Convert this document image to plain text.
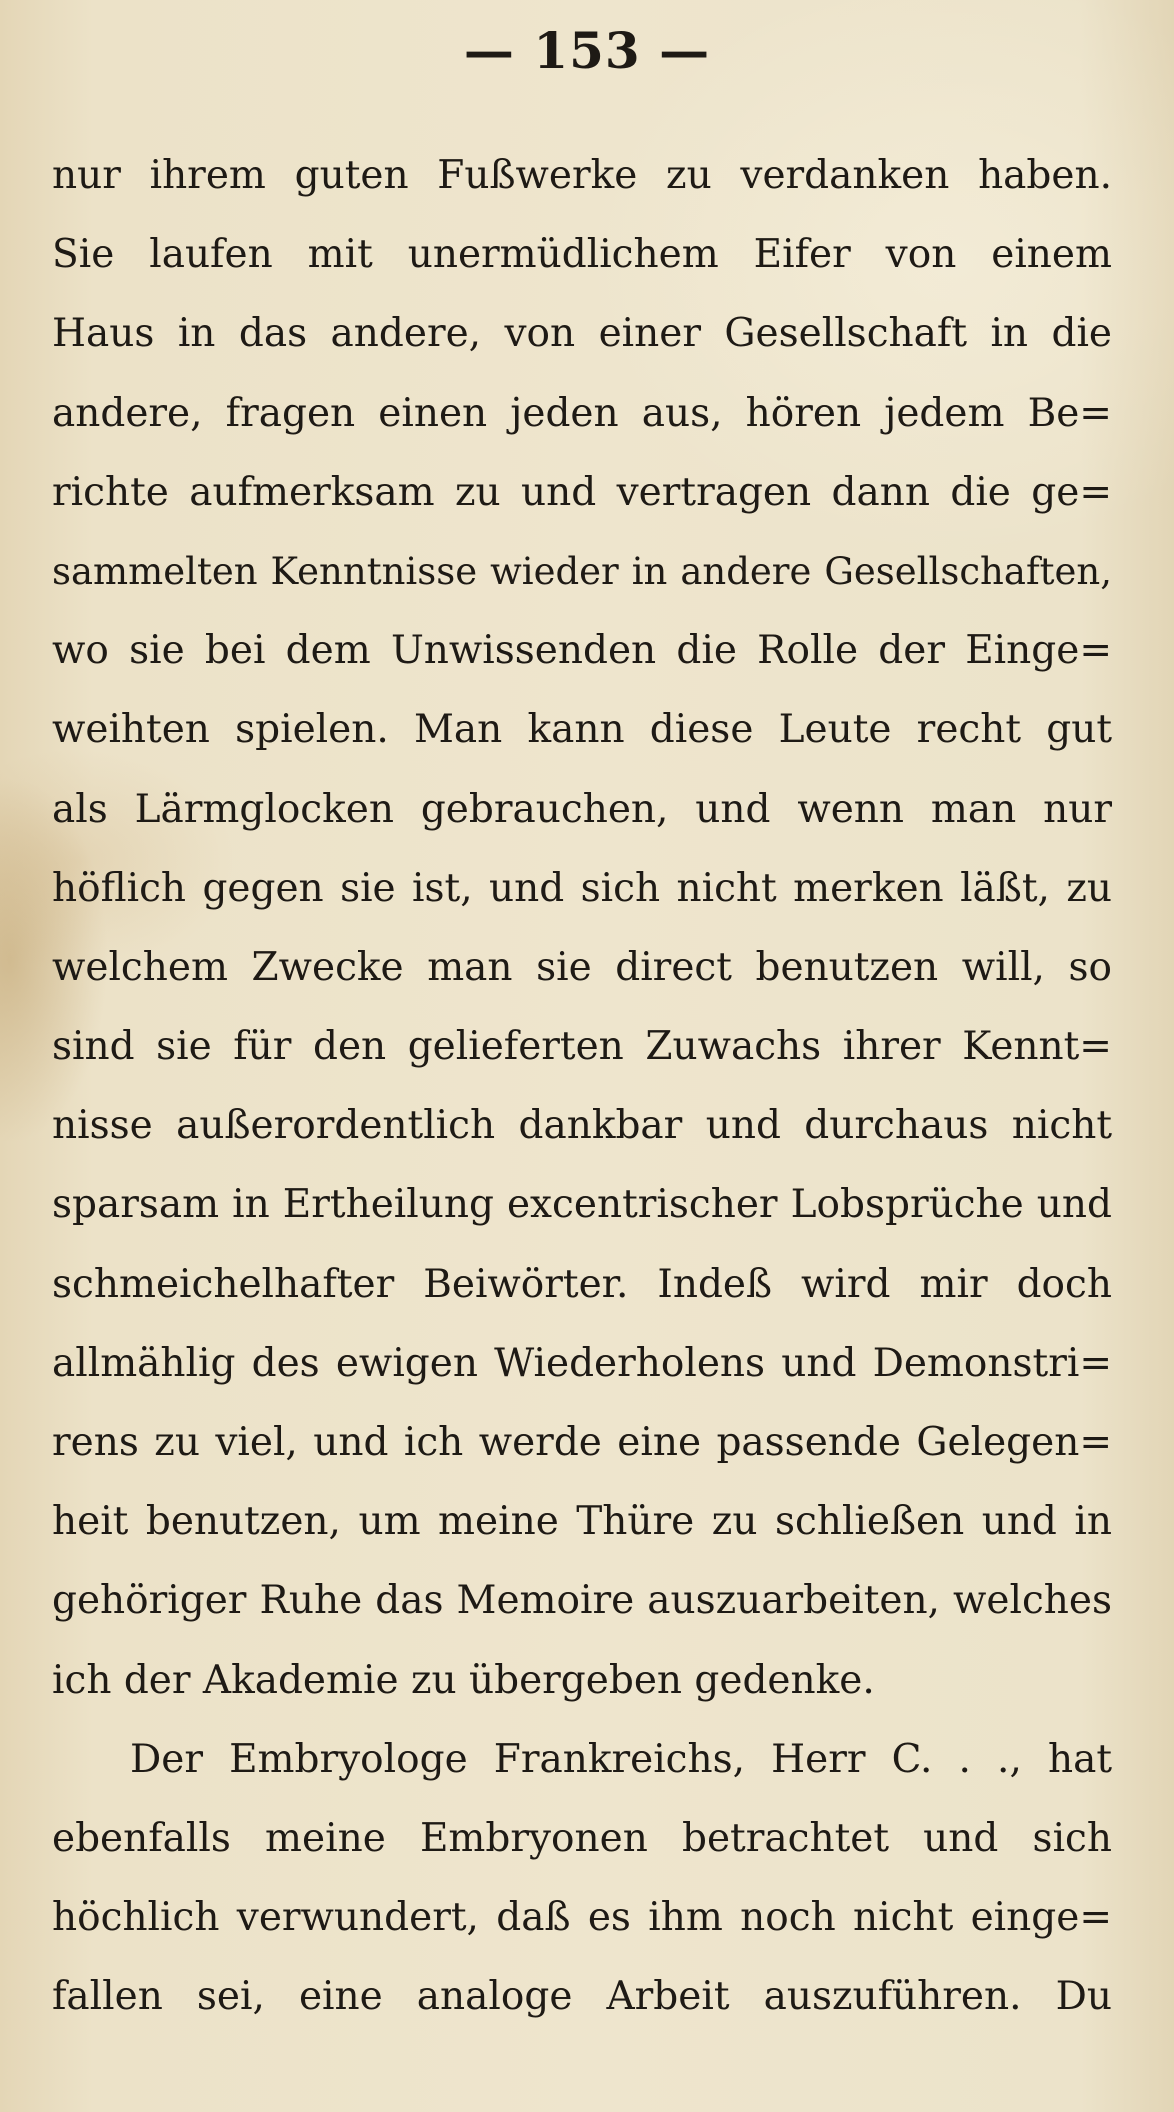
— 153 —
nur ihrem guten Fußwerke zu verdanken haben.
Sie laufen mit unermüdlichem Eifer von einem
Haus in das andere, von einer Gesellschaft in die
andere, fragen einen jeden aus, hören jedem Be=
richte aufmerksam zu und vertragen dann die ge=
sammelten Kenntnisse wieder in andere Gesellschaften,
wo sie bei dem Unwissenden die Rolle der Einge=
weihten spielen. Man kann diese Leute recht gut
als Lärmglocken gebrauchen, und wenn man nur
höflich gegen sie ist, und sich nicht merken läßt, zu
welchem Zwecke man sie direct benutzen will, so
sind sie für den gelieferten Zuwachs ihrer Kennt=
nisse außerordentlich dankbar und durchaus nicht
sparsam in Ertheilung excentrischer Lobsprüche und
schmeichelhafter Beiwörter. Indeß wird mir doch
allmählig des ewigen Wiederholens und Demonstri=
rens zu viel, und ich werde eine passende Gelegen=
heit benutzen, um meine Thüre zu schließen und in
gehöriger Ruhe das Memoire auszuarbeiten, welches
ich der Akademie zu übergeben gedenke.
Der Embryologe Frankreichs, Herr C. . ., hat
ebenfalls meine Embryonen betrachtet und sich
höchlich verwundert, daß es ihm noch nicht einge=
fallen sei, eine analoge Arbeit auszuführen. Du
